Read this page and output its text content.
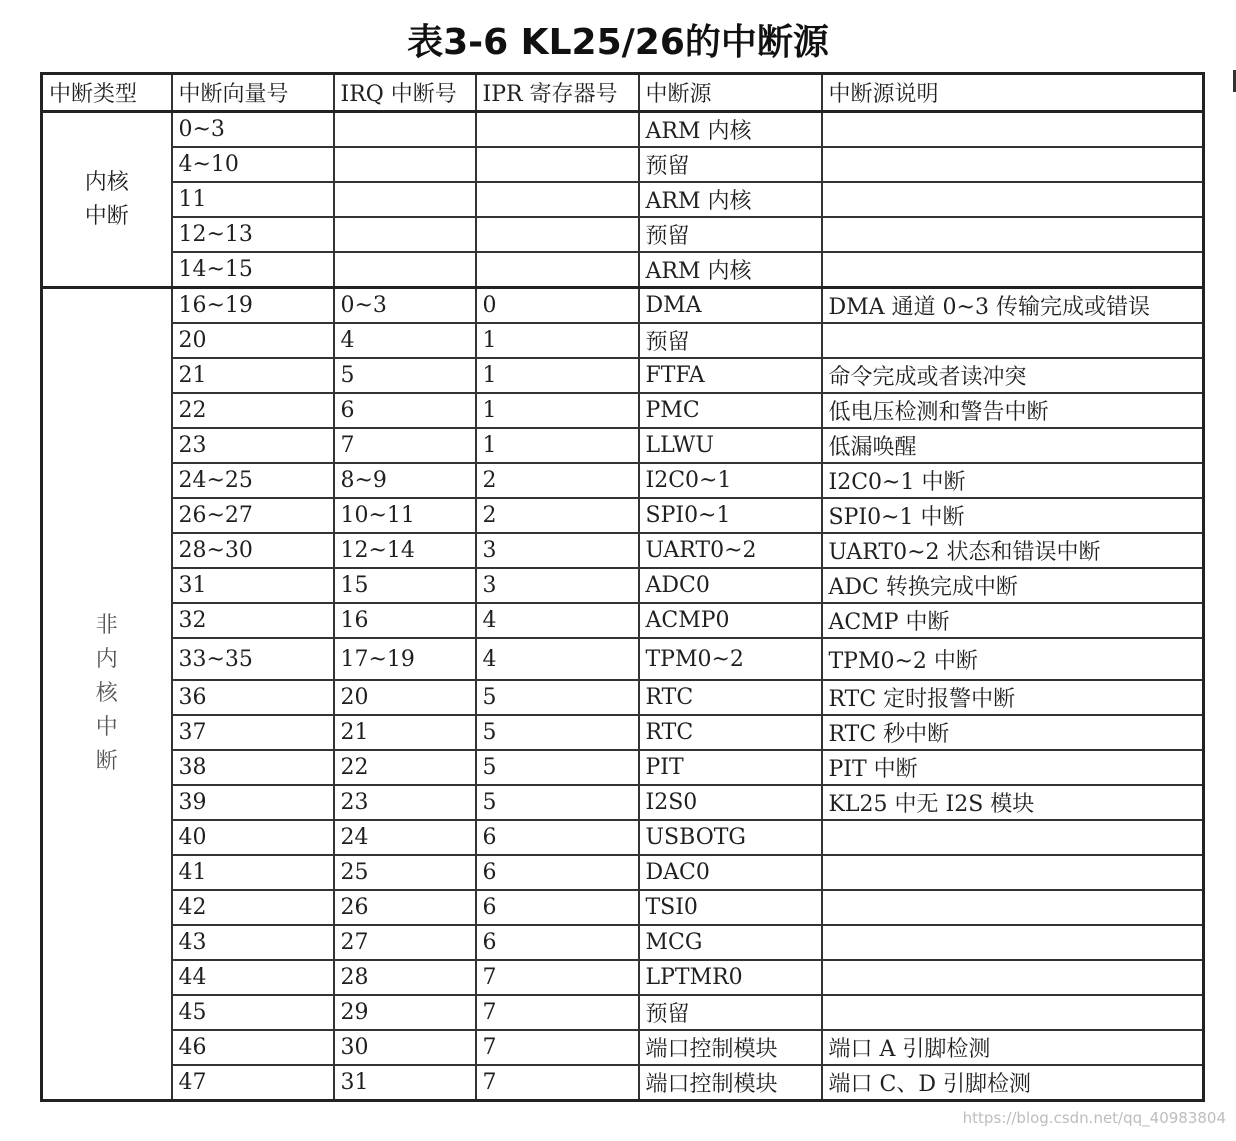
表3-6 KL25/26的中断源
中断类型	中断向量号	IRQ 中断号	IPR 寄存器号	中断源	中断源说明
内核中断	0~3			ARM 内核	
	4~10			预留	
	11			ARM 内核	
	12~13			预留	
	14~15			ARM 内核	
非内核中断	16~19	0~3	0	DMA	DMA 通道 0~3 传输完成或错误
	20	4	1	预留	
	21	5	1	FTFA	命令完成或者读冲突
	22	6	1	PMC	低电压检测和警告中断
	23	7	1	LLWU	低漏唤醒
	24~25	8~9	2	I2C0~1	I2C0~1 中断
	26~27	10~11	2	SPI0~1	SPI0~1 中断
	28~30	12~14	3	UART0~2	UART0~2 状态和错误中断
	31	15	3	ADC0	ADC 转换完成中断
	32	16	4	ACMP0	ACMP 中断
	33~35	17~19	4	TPM0~2	TPM0~2 中断
	36	20	5	RTC	RTC 定时报警中断
	37	21	5	RTC	RTC 秒中断
	38	22	5	PIT	PIT 中断
	39	23	5	I2S0	KL25 中无 I2S 模块
	40	24	6	USBOTG	
	41	25	6	DAC0	
	42	26	6	TSI0	
	43	27	6	MCG	
	44	28	7	LPTMR0	
	45	29	7	预留	
	46	30	7	端口控制模块	端口 A 引脚检测
	47	31	7	端口控制模块	端口 C、D 引脚检测
https://blog.csdn.net/qq_40983804
